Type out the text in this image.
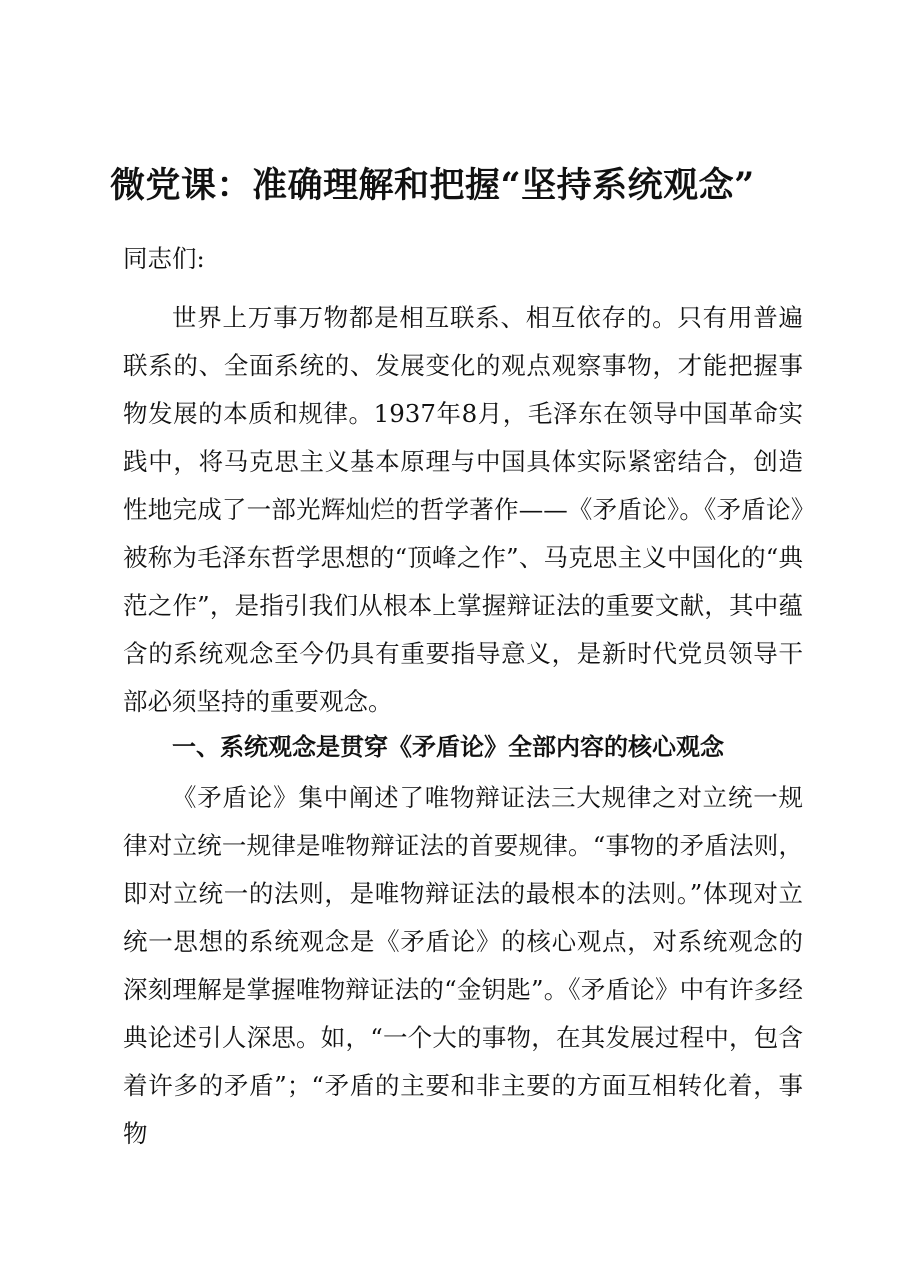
微党课：准确理解和把握“坚持系统观念”

同志们:

世界上万事万物都是相互联系、相互依存的。只有用普遍联系的、全面系统的、发展变化的观点观察事物，才能把握事物发展的本质和规律。1937年8月，毛泽东在领导中国革命实践中，将马克思主义基本原理与中国具体实际紧密结合，创造性地完成了一部光辉灿烂的哲学著作——《矛盾论》。《矛盾论》被称为毛泽东哲学思想的“顶峰之作”、马克思主义中国化的“典范之作”，是指引我们从根本上掌握辩证法的重要文献，其中蕴含的系统观念至今仍具有重要指导意义，是新时代党员领导干部必须坚持的重要观念。

一、系统观念是贯穿《矛盾论》全部内容的核心观念

《矛盾论》集中阐述了唯物辩证法三大规律之对立统一规律对立统一规律是唯物辩证法的首要规律。“事物的矛盾法则，即对立统一的法则，是唯物辩证法的最根本的法则。”体现对立统一思想的系统观念是《矛盾论》的核心观点，对系统观念的深刻理解是掌握唯物辩证法的“金钥匙”。《矛盾论》中有许多经典论述引人深思。如，“一个大的事物，在其发展过程中，包含着许多的矛盾”；“矛盾的主要和非主要的方面互相转化着，事物
